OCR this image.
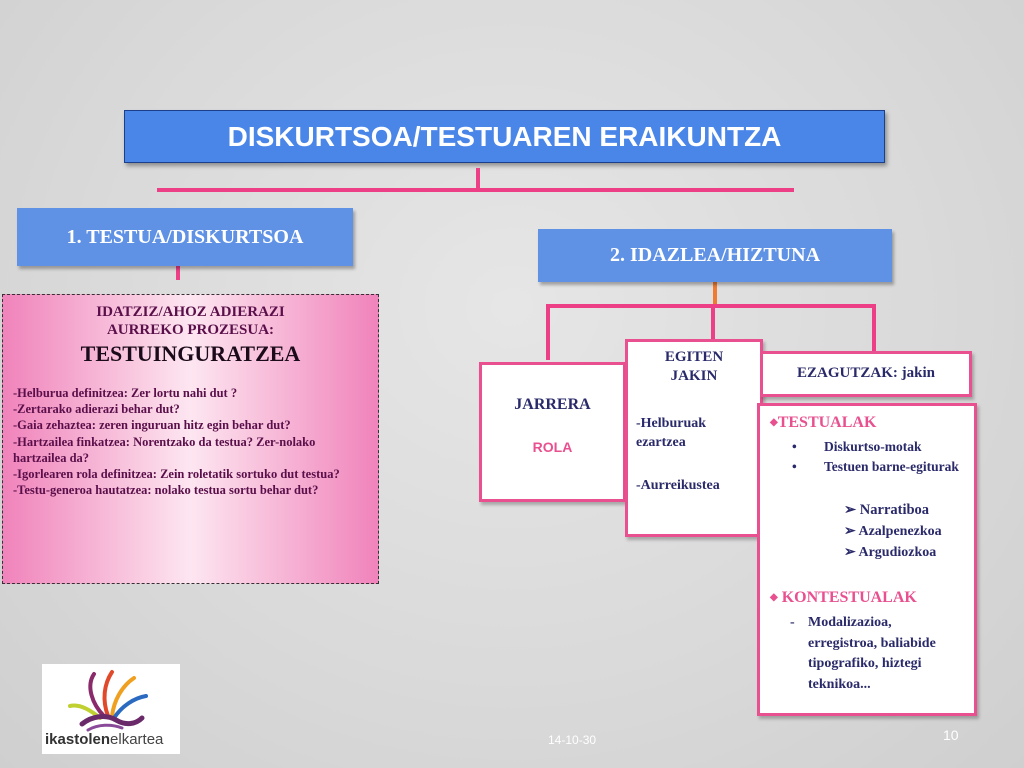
DISKURTSOA/TESTUAREN ERAIKUNTZA
1. TESTUA/DISKURTSOA
2. IDAZLEA/HIZTUNA
IDATZIZ/AHOZ ADIERAZI
AURREKO PROZESUA:
TESTUINGURATZEA
-Helburua definitzea: Zer lortu nahi dut ?
-Zertarako adierazi behar dut?
-Gaia zehaztea: zeren inguruan hitz egin behar dut?
-Hartzailea finkatzea: Norentzako da testua? Zer-nolako hartzailea da?
-Igorlearen rola definitzea: Zein roletatik sortuko dut testua?
-Testu-generoa hautatzea: nolako testua sortu behar dut?
JARRERA
ROLA
EGITEN
JAKIN
-Helburuak
ezartzea
-Aurreikustea
EZAGUTZAK: jakin
◆TESTUALAK
• Diskurtso-motak
• Testuen barne-egiturak
➢ Narratiboa
➢ Azalpenezkoa
➢ Argudiozkoa
◆ KONTESTUALAK
- Modalizazioa, erregistroa, baliabide tipografiko, hiztegi teknikoa...
ikastolenelkartea	14-10-30	10
